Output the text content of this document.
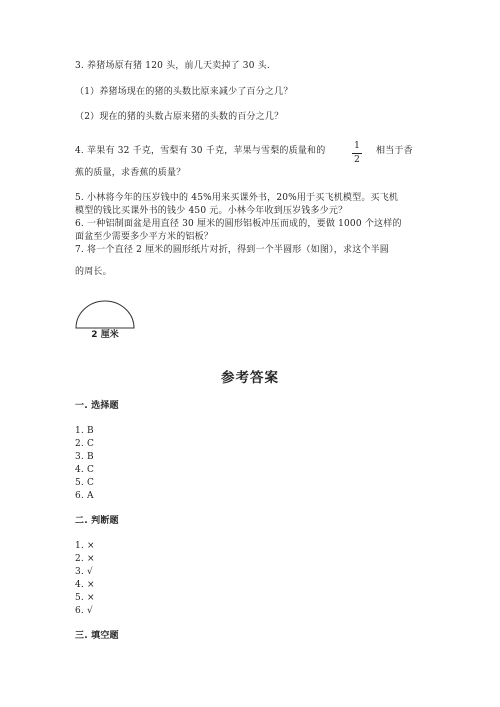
3. 养猪场原有猪 120 头，前几天卖掉了 30 头.
（1）养猪场现在的猪的头数比原来减少了百分之几？
（2）现在的猪的头数占原来猪的头数的百分之几？
4. 苹果有 32 千克，雪梨有 30 千克，苹果与雪梨的质量和的	1
2
相当于香
蕉的质量，求香蕉的质量？
5. 小林将今年的压岁钱中的 45%用来买课外书，20%用于买飞机模型。买飞机
模型的钱比买课外书的钱少 450 元。小林今年收到压岁钱多少元？
6. 一种铝制面盆是用直径 30 厘米的圆形铝板冲压而成的，要做 1000 个这样的
面盆至少需要多少平方米的铝板？
7. 将一个直径 2 厘米的圆形纸片对折，得到一个半圆形（如图），求这个半圆
的周长。
2 厘米
参考答案
一. 选择题
1. B
2. C
3. B
4. C
5. C
6. A
二. 判断题
1. ×
2. ×
3. √
4. ×
5. ×
6. √
三. 填空题
